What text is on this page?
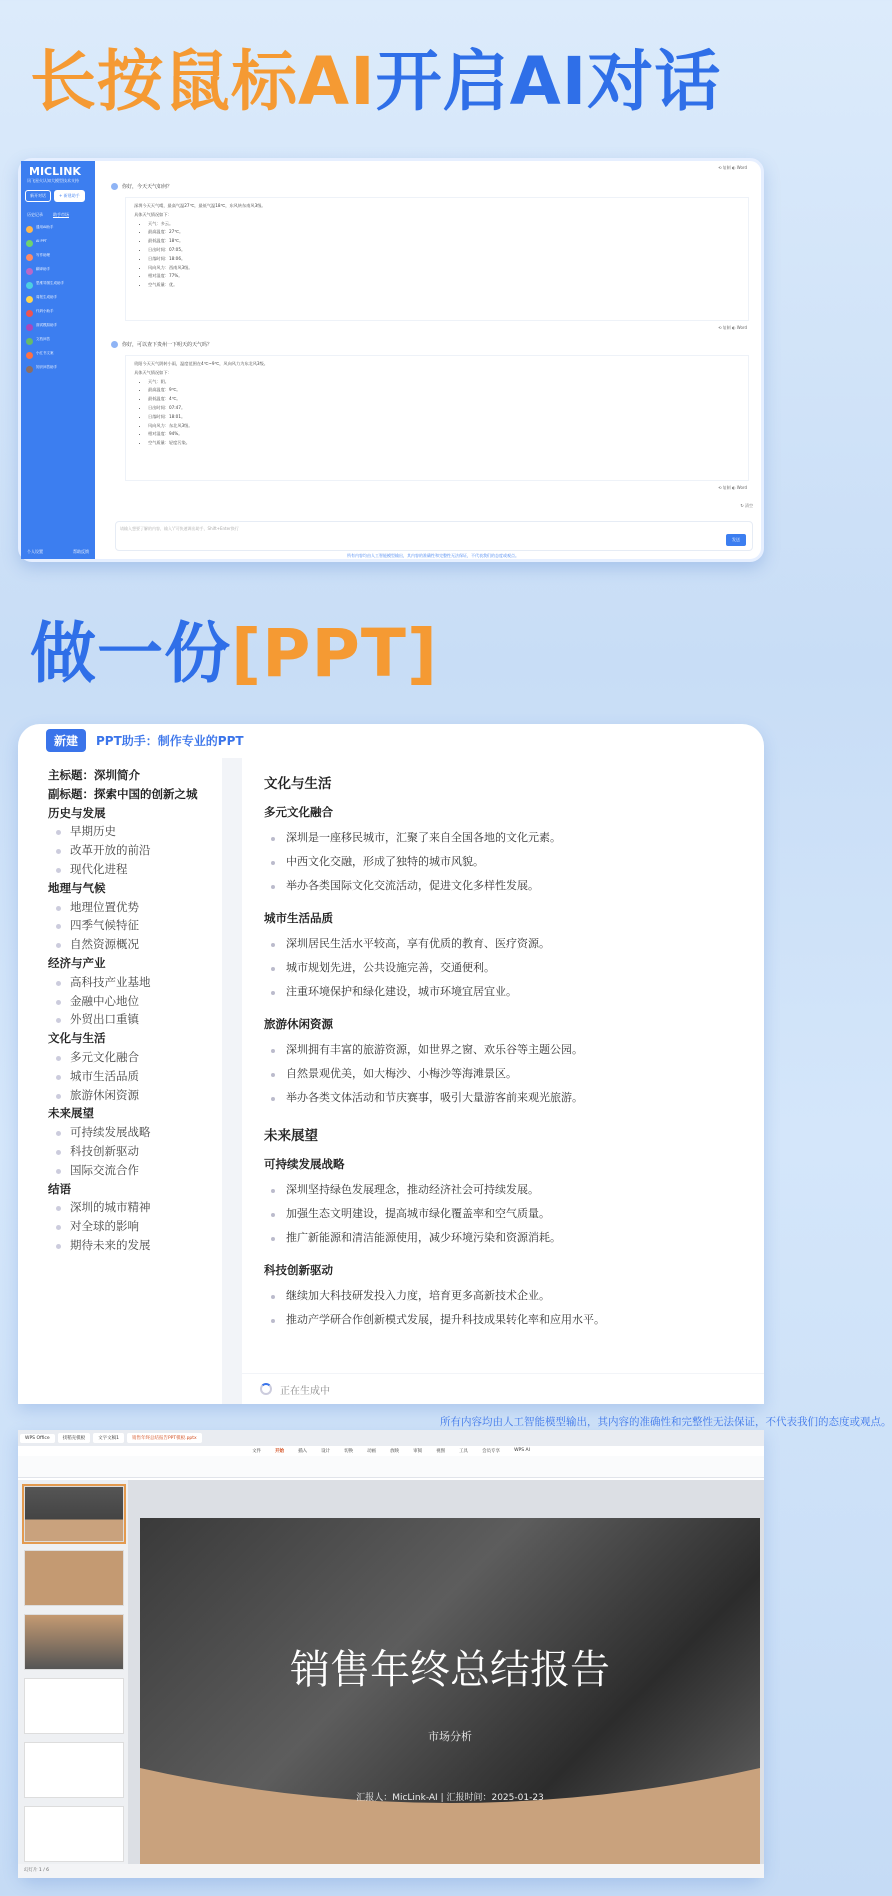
长按鼠标AI开启AI对话
MICLINK
讯飞星火认知大模型技术支持
新开对话	+ 新建助手
历史记录	助手市场
通用AI助手
AI PPT
写作助理
翻译助手
思维导图生成助手
周报生成助手
代码小助手
面试模拟助手
文档问答
小红书文案
知识问答助手
个人设置	帮助反馈
⟲ 复制 ◐ Word
你好，今天天气如何？
深圳今天天气晴，最高气温27℃，最低气温18℃，东风转东南风3级。
具体天气情况如下：
• 天气：多云。
• 最高温度：27℃。
• 最低温度：18℃。
• 日出时间：07:05。
• 日落时间：18:06。
• 风向风力：西南风3级。
• 相对湿度：77%。
• 空气质量：优。
⟲ 复制 ◐ Word
你好，可以查下贵州一下明天的天气吗？
贵阳今天天气阴转小雨，温度范围在4℃~9℃，风向风力为东北风3级。
具体天气情况如下：
• 天气：阴。
• 最高温度：9℃。
• 最低温度：4℃。
• 日出时间：07:47。
• 日落时间：18:01。
• 风向风力：东北风3级。
• 相对湿度：94%。
• 空气质量：轻度污染。
⟲ 复制 ◐ Word
↻ 清空
请输入想要了解的内容，输入'/'可快速调出助手，Shift+Enter换行
发送
所有内容均由人工智能模型输出，其内容的准确性和完整性无法保证，不代表我们的态度或观点。
做一份[PPT]
新建	PPT助手：制作专业的PPT
主标题：深圳简介
副标题：探索中国的创新之城
历史与发展
早期历史
改革开放的前沿
现代化进程
地理与气候
地理位置优势
四季气候特征
自然资源概况
经济与产业
高科技产业基地
金融中心地位
外贸出口重镇
文化与生活
多元文化融合
城市生活品质
旅游休闲资源
未来展望
可持续发展战略
科技创新驱动
国际交流合作
结语
深圳的城市精神
对全球的影响
期待未来的发展
文化与生活
多元文化融合
深圳是一座移民城市，汇聚了来自全国各地的文化元素。
中西文化交融，形成了独特的城市风貌。
举办各类国际文化交流活动，促进文化多样性发展。
城市生活品质
深圳居民生活水平较高，享有优质的教育、医疗资源。
城市规划先进，公共设施完善，交通便利。
注重环境保护和绿化建设，城市环境宜居宜业。
旅游休闲资源
深圳拥有丰富的旅游资源，如世界之窗、欢乐谷等主题公园。
自然景观优美，如大梅沙、小梅沙等海滩景区。
举办各类文体活动和节庆赛事，吸引大量游客前来观光旅游。
未来展望
可持续发展战略
深圳坚持绿色发展理念，推动经济社会可持续发展。
加强生态文明建设，提高城市绿化覆盖率和空气质量。
推广新能源和清洁能源使用，减少环境污染和资源消耗。
科技创新驱动
继续加大科技研发投入力度，培育更多高新技术企业。
推动产学研合作创新模式发展，提升科技成果转化率和应用水平。
正在生成中
所有内容均由人工智能模型输出，其内容的准确性和完整性无法保证，不代表我们的态度或观点。
WPS Office	找稻壳模板	文字文稿1	销售年终总结报告PPT模板.pptx
文件	开始	插入	设计	切换	动画	放映	审阅	视图	工具	会员专享	WPS AI
销售年终总结报告
市场分析
汇报人：MicLink-AI | 汇报时间：2025-01-23
幻灯片 1 / 6
